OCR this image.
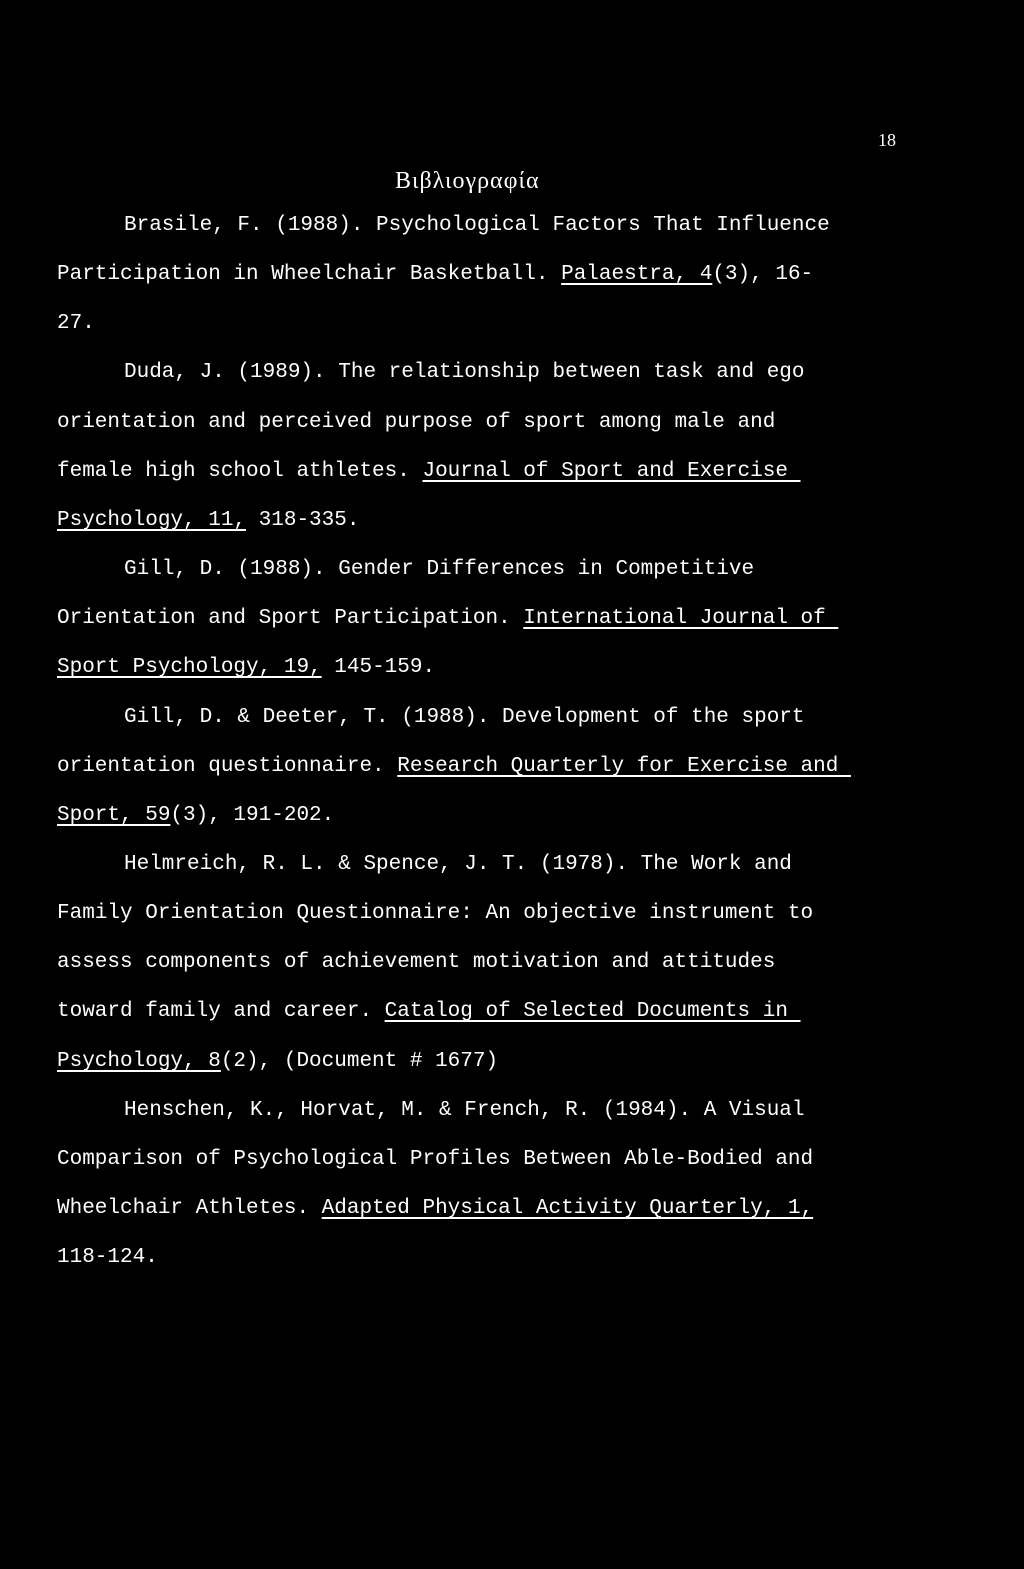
18
Βιβλιογραφία
Brasile, F. (1988). Psychological Factors That Influence
Participation in Wheelchair Basketball. Palaestra, 4(3), 16-
27.
Duda, J. (1989). The relationship between task and ego
orientation and perceived purpose of sport among male and
female high school athletes. Journal of Sport and Exercise
Psychology, 11, 318-335.
Gill, D. (1988). Gender Differences in Competitive
Orientation and Sport Participation. International Journal of
Sport Psychology, 19, 145-159.
Gill, D. & Deeter, T. (1988). Development of the sport
orientation questionnaire. Research Quarterly for Exercise and
Sport, 59(3), 191-202.
Helmreich, R. L. & Spence, J. T. (1978). The Work and
Family Orientation Questionnaire: An objective instrument to
assess components of achievement motivation and attitudes
toward family and career. Catalog of Selected Documents in
Psychology, 8(2), (Document # 1677)
Henschen, K., Horvat, M. & French, R. (1984). A Visual
Comparison of Psychological Profiles Between Able-Bodied and
Wheelchair Athletes. Adapted Physical Activity Quarterly, 1,
118-124.
